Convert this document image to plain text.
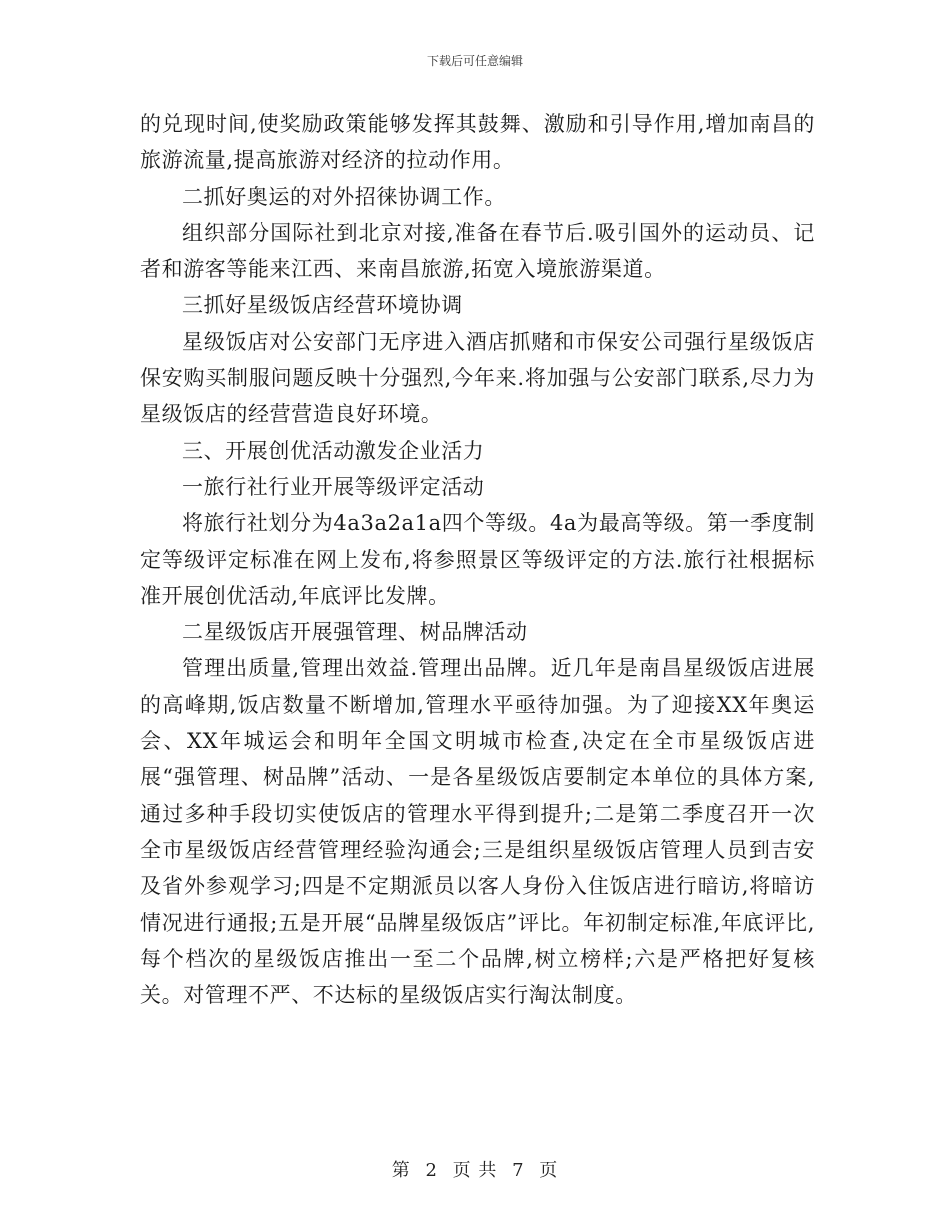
下载后可任意编辑

的兑现时间,使奖励政策能够发挥其鼓舞、激励和引导作用,增加南昌的旅游流量,提高旅游对经济的拉动作用。

二抓好奥运的对外招徕协调工作。

组织部分国际社到北京对接,准备在春节后.吸引国外的运动员、记者和游客等能来江西、来南昌旅游,拓宽入境旅游渠道。

三抓好星级饭店经营环境协调

星级饭店对公安部门无序进入酒店抓赌和市保安公司强行星级饭店保安购买制服问题反映十分强烈,今年来.将加强与公安部门联系,尽力为星级饭店的经营营造良好环境。

三、开展创优活动激发企业活力

一旅行社行业开展等级评定活动

将旅行社划分为4a3a2a1a四个等级。4a为最高等级。第一季度制定等级评定标准在网上发布,将参照景区等级评定的方法.旅行社根据标准开展创优活动,年底评比发牌。

二星级饭店开展强管理、树品牌活动

管理出质量,管理出效益.管理出品牌。近几年是南昌星级饭店进展的高峰期,饭店数量不断增加,管理水平亟待加强。为了迎接XX年奥运会、XX年城运会和明年全国文明城市检查,决定在全市星级饭店进展“强管理、树品牌”活动、一是各星级饭店要制定本单位的具体方案,通过多种手段切实使饭店的管理水平得到提升;二是第二季度召开一次全市星级饭店经营管理经验沟通会;三是组织星级饭店管理人员到吉安及省外参观学习;四是不定期派员以客人身份入住饭店进行暗访,将暗访情况进行通报;五是开展“品牌星级饭店”评比。年初制定标准,年底评比,每个档次的星级饭店推出一至二个品牌,树立榜样;六是严格把好复核关。对管理不严、不达标的星级饭店实行淘汰制度。

第 2 页 共 7 页
